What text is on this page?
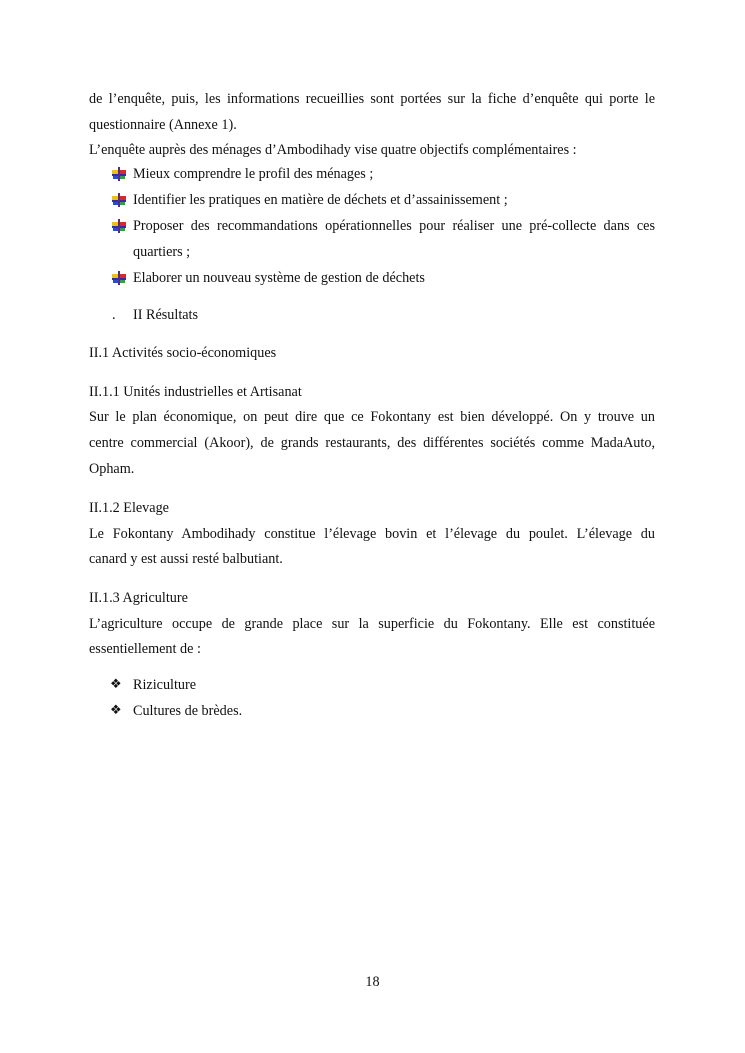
de l’enquête, puis, les informations recueillies sont portées sur la fiche d’enquête qui porte le

questionnaire (Annexe 1).

L’enquête auprès des ménages d’Ambodihady vise quatre objectifs complémentaires :

Mieux comprendre le profil des ménages ;

Identifier les pratiques en matière de déchets et d’assainissement ;

Proposer des recommandations opérationnelles pour réaliser une pré-collecte dans ces

quartiers ;

Elaborer un nouveau système de gestion de déchets

. II Résultats

II.1 Activités socio-économiques

II.1.1 Unités industrielles et Artisanat

Sur le plan économique, on peut dire que ce Fokontany est bien développé. On y trouve un

centre commercial (Akoor), de grands restaurants, des différentes sociétés comme MadaAuto,

Opham.

II.1.2 Elevage

Le Fokontany Ambodihady constitue l’élevage bovin et l’élevage du poulet. L’élevage du

canard y est aussi resté balbutiant.

II.1.3 Agriculture

L’agriculture occupe de grande place sur la superficie du Fokontany. Elle est constituée

essentiellement de :

❖ Riziculture

❖ Cultures de brèdes.

18
